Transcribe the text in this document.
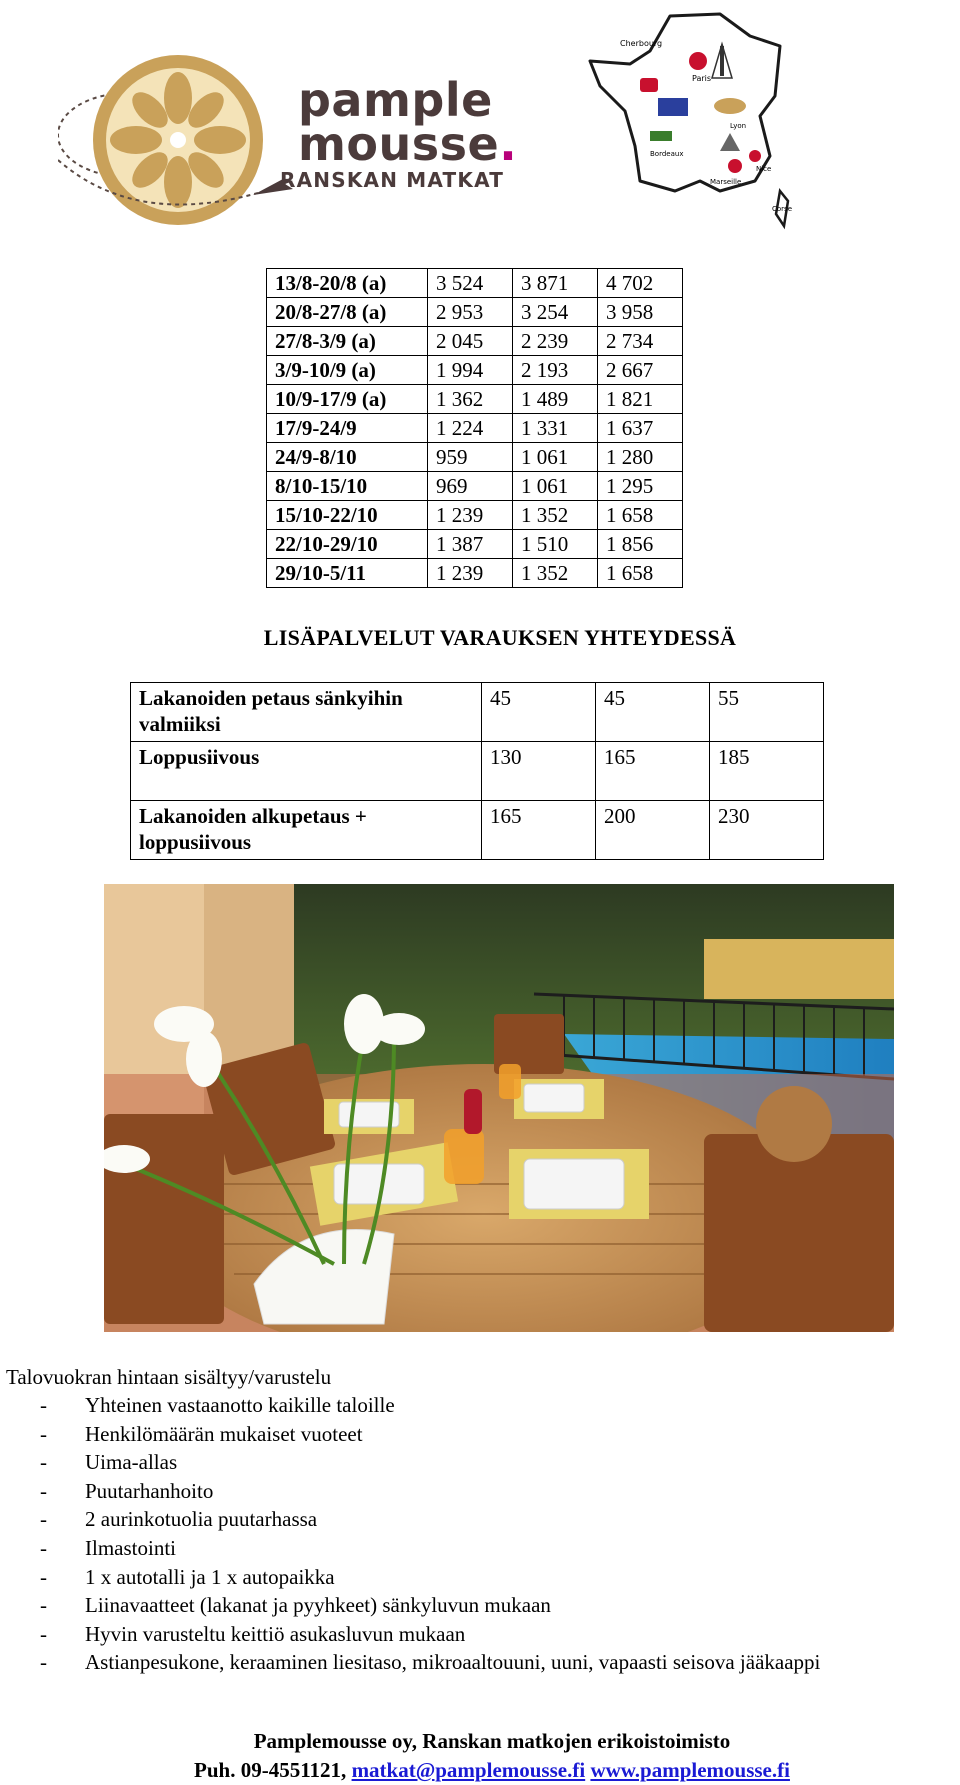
pample
mousse.
RANSKAN MATKAT
Cherbourg
Paris
Lyon
Bordeaux
Marseille
Nice
Corse
13/8-20/8 (a)	3 524	3 871	4 702
20/8-27/8 (a)	2 953	3 254	3 958
27/8-3/9 (a)	2 045	2 239	2 734
3/9-10/9 (a)	1 994	2 193	2 667
10/9-17/9 (a)	1 362	1 489	1 821
17/9-24/9	1 224	1 331	1 637
24/9-8/10	959	1 061	1 280
8/10-15/10	969	1 061	1 295
15/10-22/10	1 239	1 352	1 658
22/10-29/10	1 387	1 510	1 856
29/10-5/11	1 239	1 352	1 658
LISÄPALVELUT VARAUKSEN YHTEYDESSÄ
Lakanoiden petaus sänkyihin valmiiksi	45	45	55
Loppusiivous	130	165	185
Lakanoiden alkupetaus + loppusiivous	165	200	230
Talovuokran hintaan sisältyy/varustelu
- Yhteinen vastaanotto kaikille taloille
- Henkilömäärän mukaiset vuoteet
- Uima-allas
- Puutarhanhoito
- 2 aurinkotuolia puutarhassa
- Ilmastointi
- 1 x autotalli ja 1 x autopaikka
- Liinavaatteet (lakanat ja pyyhkeet) sänkyluvun mukaan
- Hyvin varusteltu keittiö asukasluvun mukaan
- Astianpesukone, keraaminen liesitaso, mikroaaltouuni, uuni, vapaasti seisova jääkaappi
Pamplemousse oy, Ranskan matkojen erikoistoimisto
Puh. 09-4551121, matkat@pamplemousse.fi www.pamplemousse.fi
